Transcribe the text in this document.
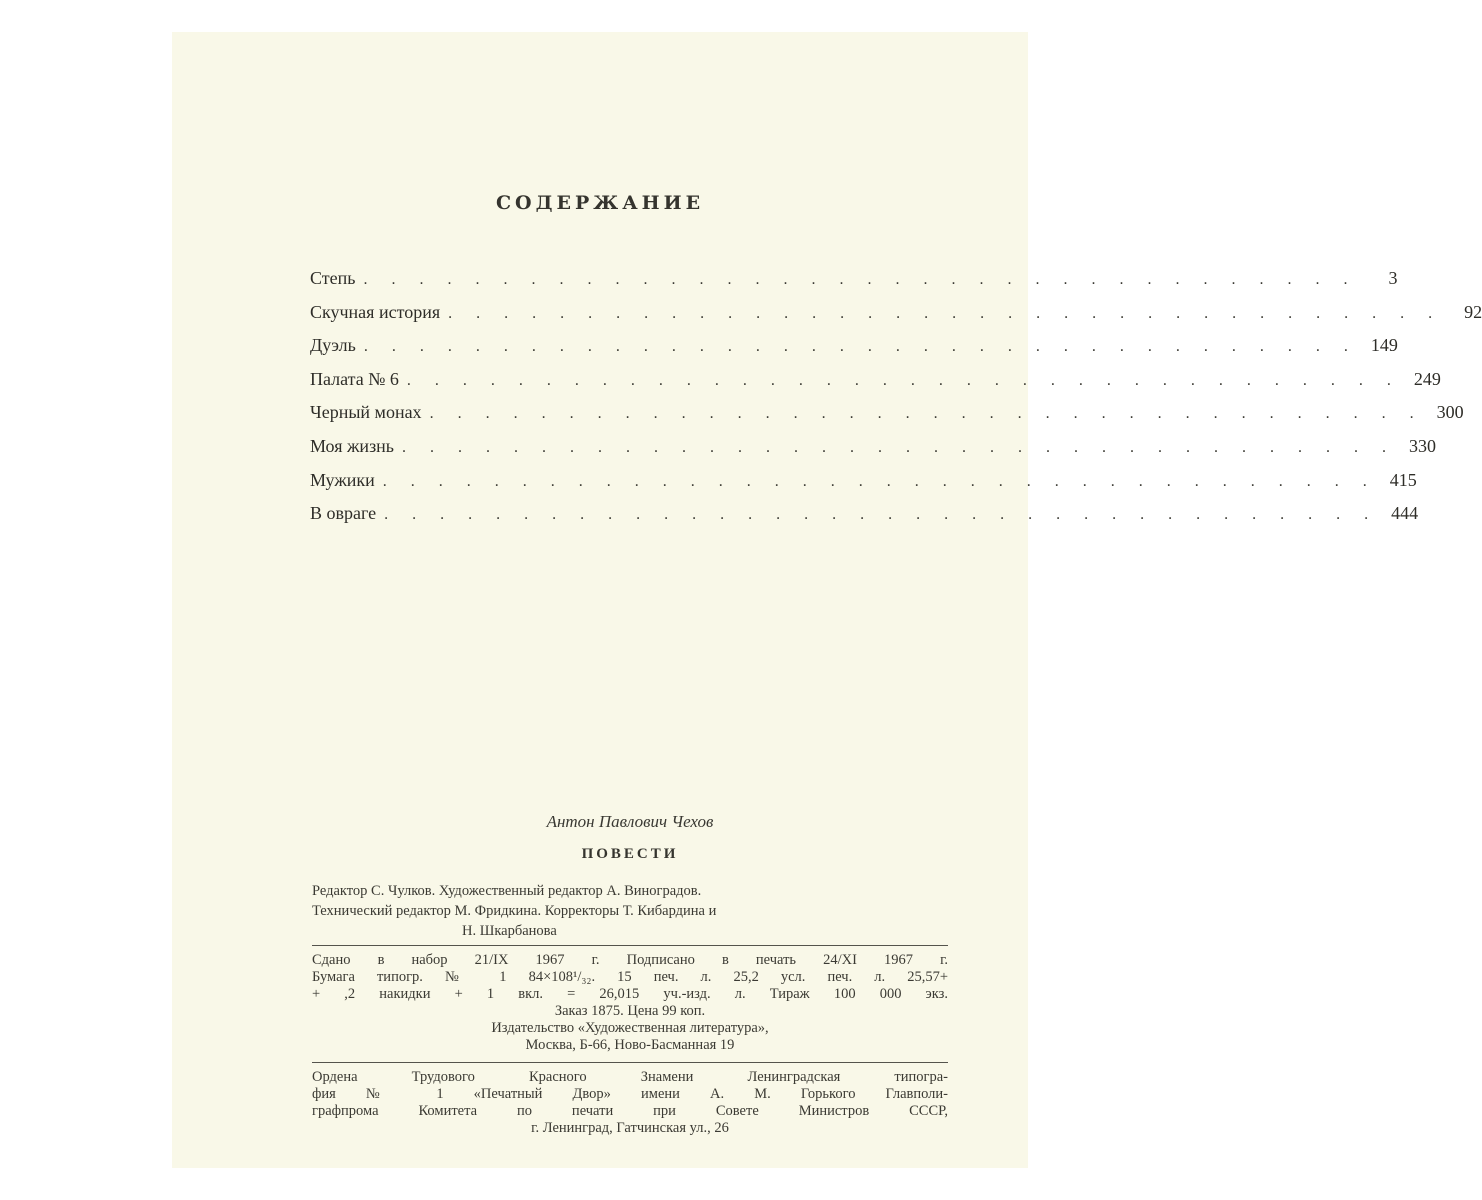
СОДЕРЖАНИЕ
Степь . . . . . . . . . . . . . . . . . . . . . . . . . . . . . . . . . . . .	3
Скучная история . . . . . . . . . . . . . . . . . . . . . . . . . . . . . . . . . . . .	92
Дуэль . . . . . . . . . . . . . . . . . . . . . . . . . . . . . . . . . . . . 149
Палата № 6 . . . . . . . . . . . . . . . . . . . . . . . . . . . . . . . . . . . . 249
Черный монах . . . . . . . . . . . . . . . . . . . . . . . . . . . . . . . . . . . . 300
Моя жизнь . . . . . . . . . . . . . . . . . . . . . . . . . . . . . . . . . . . . 330
Мужики . . . . . . . . . . . . . . . . . . . . . . . . . . . . . . . . . . . . 415
В овраге . . . . . . . . . . . . . . . . . . . . . . . . . . . . . . . . . . . . 444
Антон Павлович Чехов
ПОВЕСТИ
Редактор С. Чулков. Художественный редактор А. Виноградов.
Технический редактор М. Фридкина. Корректоры Т. Кибардина и
Н. Шкарбанова
Сдано в набор 21/IX 1967 г. Подписано в печать 24/XI 1967 г.
Бумага типогр. № 1 84×108¹/₃₂. 15 печ. л. 25,2 усл. печ. л. 25,57+
+ ,2 накидки + 1 вкл. = 26,015 уч.-изд. л. Тираж 100 000 экз.
Заказ 1875. Цена 99 коп.
Издательство «Художественная литература»,
Москва, Б-66, Ново-Басманная 19
Ордена Трудового Красного Знамени Ленинградская типогра-
фия № 1 «Печатный Двор» имени А. М. Горького Главполи-
графпрома Комитета по печати при Совете Министров СССР,
г. Ленинград, Гатчинская ул., 26
